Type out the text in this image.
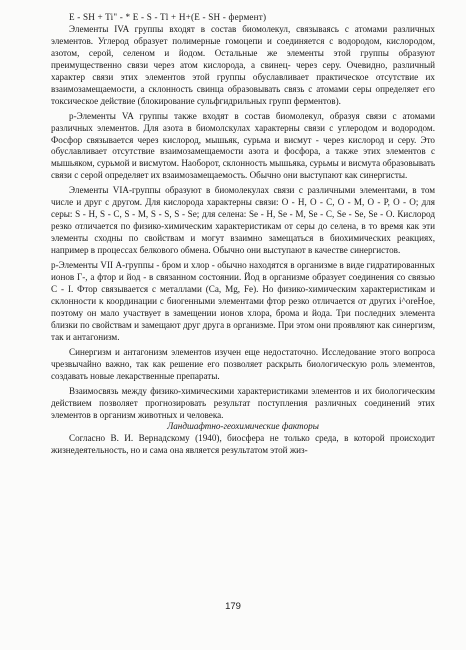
E - SH + Ti" - * E - S - Tl + H+(E - SH - фермент)

Элементы IVA группы входят в состав биомолекул, связываясь с атомами различных элементов. Углерод образует полимерные гомоцепи и соединяется с водородом, кислородом, азотом, серой, селеном и йодом. Остальные же элементы этой группы образуют преимущественно связи через атом кислорода, а свинец- через серу. Очевидно, различный характер связи этих элементов этой группы обуславливает практическое отсутствие их взаимозамещаемости, а склонность свинца образовывать связь с атомами серы определяет его токсическое действие (блокирование сульфгидрильных групп ферментов).

р-Элементы VA группы также входят в состав биомолекул, образуя связи с атомами различных элементов. Для азота в биомолскулах характерны связи с углеродом и водородом. Фосфор связывается через кислород, мышьяк, сурьма и висмут - через кислород и серу. Это обуславливает отсутствие взаимозамещаемости азота и фосфора, а также этих элементов с мышьяком, сурьмой и висмутом. Наоборот, склонность мышьяка, сурьмы и висмута образовывать связи с серой определяет их взаимозамещаемость. Обычно они выступают как синергисты.

Элементы VIA-группы образуют в биомолекулах связи с различными элементами, в том числе и друг с другом. Для кислорода характерны связи: О - Н, О - С, О - М, О - Р, О - О; для серы: S - Н, S - С, S - М, S - S, S - Se; для селена: Se - Н, Se - М, Se - С, Se - Se, Se - О. Кислород резко отличается по физико-химическим характеристикам от серы до селена, в то время как эти элементы сходны по свойствам и могут взаимно замещаться в биохимических реакциях, например в процессах белкового обмена. Обычно они выступают в качестве синергистов.

р-Элементы VII А-группы - бром и хлор - обычно находятся в организме в виде гидратированных ионов Г-, а фтор и йод - в связанном состоянии. Йод в организме образует соединения со связью С - I. Фтор связывается с металлами (Са, Mg, Fe). Но физико-химическим характеристикам и склонности к координации с биогенными элементами фтор резко отличается от других i^oreHoe, поэтому он мало участвует в замещении ионов хлора, брома и йода. Три последних элемента близки по свойствам и замещают друг друга в организме. При этом они проявляют как синергизм, так и антагонизм.

Синергизм и антагонизм элементов изучен еще недостаточно. Исследование этого вопроса чрезвычайно важно, так как решение его позволяет раскрыть биологическую роль элементов, создавать новые лекарственные препараты.

Взаимосвязь между физико-химическими характеристиками элементов и их биологическим действием позволяет прогнозировать результат поступления различных соединений этих элементов в организм животных и человека.

Ландшафтно-геохимические факторы

Согласно В. И. Вернадскому (1940), биосфера не только среда, в которой происходит жизнедеятельность, но и сама она является результатом этой жиз-

179
